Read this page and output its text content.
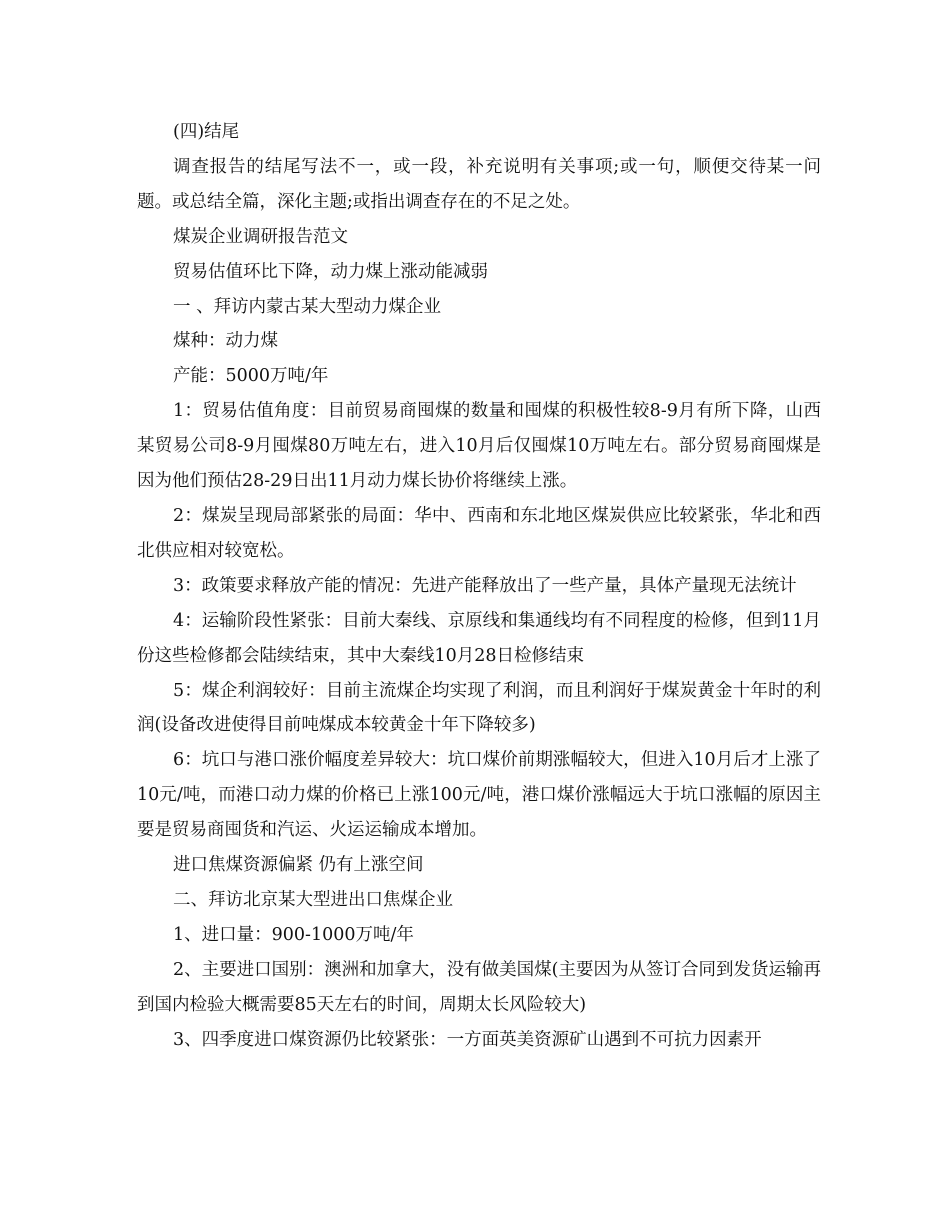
(四)结尾

调查报告的结尾写法不一，或一段，补充说明有关事项;或一句，顺便交待某一问题。或总结全篇，深化主题;或指出调查存在的不足之处。

煤炭企业调研报告范文

贸易估值环比下降，动力煤上涨动能减弱

一 、拜访内蒙古某大型动力煤企业

煤种：动力煤

产能：5000万吨/年

1：贸易估值角度：目前贸易商囤煤的数量和囤煤的积极性较8-9月有所下降，山西某贸易公司8-9月囤煤80万吨左右，进入10月后仅囤煤10万吨左右。部分贸易商囤煤是因为他们预估28-29日出11月动力煤长协价将继续上涨。

2：煤炭呈现局部紧张的局面：华中、西南和东北地区煤炭供应比较紧张，华北和西北供应相对较宽松。

3：政策要求释放产能的情况：先进产能释放出了一些产量，具体产量现无法统计

4：运输阶段性紧张：目前大秦线、京原线和集通线均有不同程度的检修，但到11月份这些检修都会陆续结束，其中大秦线10月28日检修结束

5：煤企利润较好：目前主流煤企均实现了利润，而且利润好于煤炭黄金十年时的利润(设备改进使得目前吨煤成本较黄金十年下降较多)

6：坑口与港口涨价幅度差异较大：坑口煤价前期涨幅较大，但进入10月后才上涨了10元/吨，而港口动力煤的价格已上涨100元/吨，港口煤价涨幅远大于坑口涨幅的原因主要是贸易商囤货和汽运、火运运输成本增加。

进口焦煤资源偏紧 仍有上涨空间

二、拜访北京某大型进出口焦煤企业

1、进口量：900-1000万吨/年

2、主要进口国别：澳洲和加拿大，没有做美国煤(主要因为从签订合同到发货运输再到国内检验大概需要85天左右的时间，周期太长风险较大)

3、四季度进口煤资源仍比较紧张：一方面英美资源矿山遇到不可抗力因素开
